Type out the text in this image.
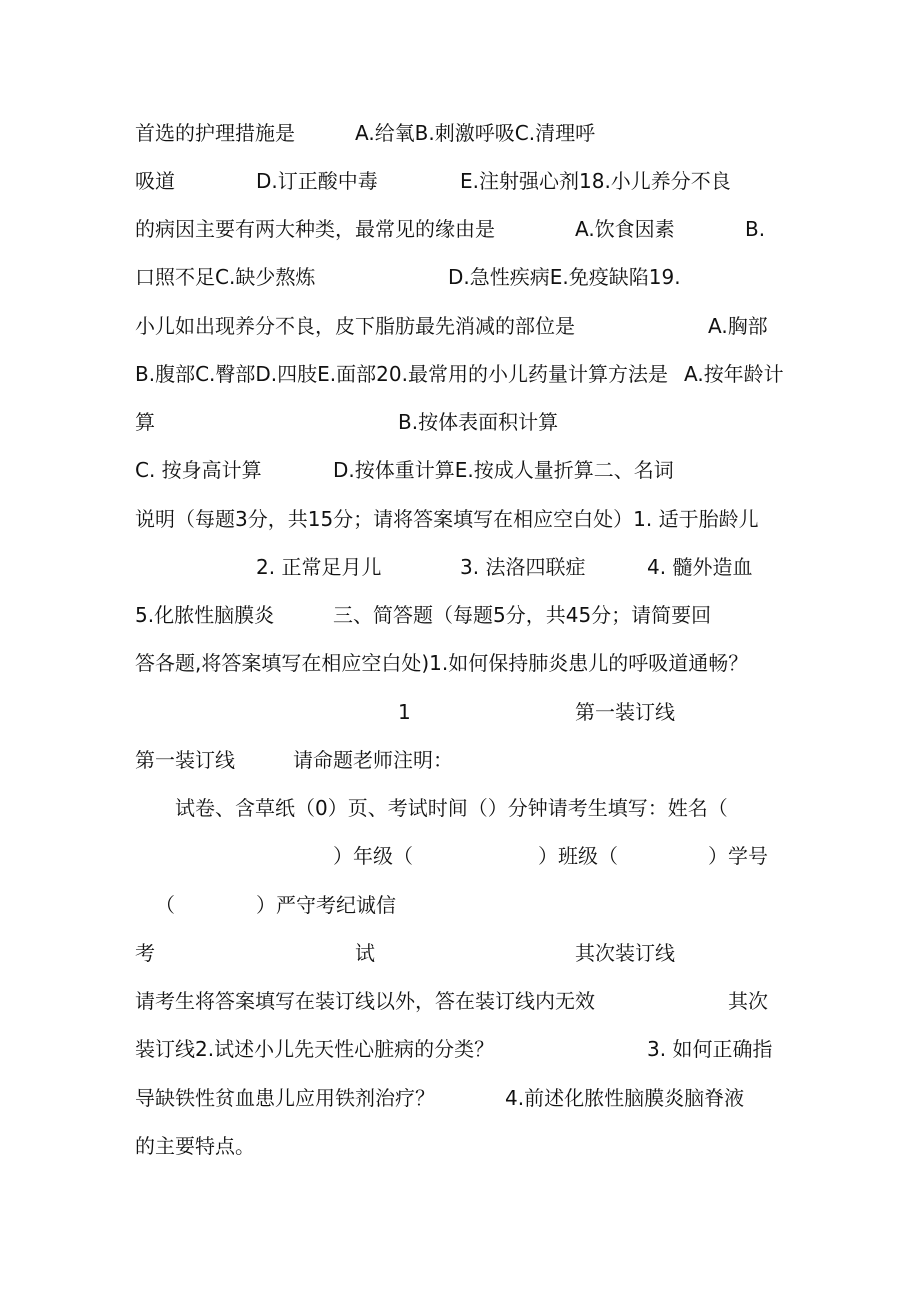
首选的护理措施是	A.给氧B.刺激呼吸C.清理呼
吸道	D.订正酸中毒	E.注射强心剂18.小儿养分不良
的病因主要有两大种类，最常见的缘由是	A.饮食因素	B.
口照不足C.缺少熬炼	D.急性疾病E.免疫缺陷19.
小儿如出现养分不良，皮下脂肪最先消减的部位是	A.胸部
B.腹部C.臀部D.四肢E.面部20.最常用的小儿药量计算方法是 A.按年龄计
算	B.按体表面积计算
C. 按身高计算	D.按体重计算E.按成人量折算二、名词
说明（每题3分，共15分；请将答案填写在相应空白处）1. 适于胎龄儿
2. 正常足月儿	3. 法洛四联症	4. 髓外造血
5.化脓性脑膜炎	三、简答题（每题5分，共45分；请简要回
答各题,将答案填写在相应空白处)1.如何保持肺炎患儿的呼吸道通畅？
1	第一装订线
第一装订线	请命题老师注明：
试卷、含草纸（0）页、考试时间（）分钟请考生填写：姓名（
）年级（	）班级（	）学号
（	）严守考纪诚信
考	试	其次装订线
请考生将答案填写在装订线以外，答在装订线内无效	其次
装订线2.试述小儿先天性心脏病的分类？	3. 如何正确指
导缺铁性贫血患儿应用铁剂治疗？	4.前述化脓性脑膜炎脑脊液
的主要特点。
